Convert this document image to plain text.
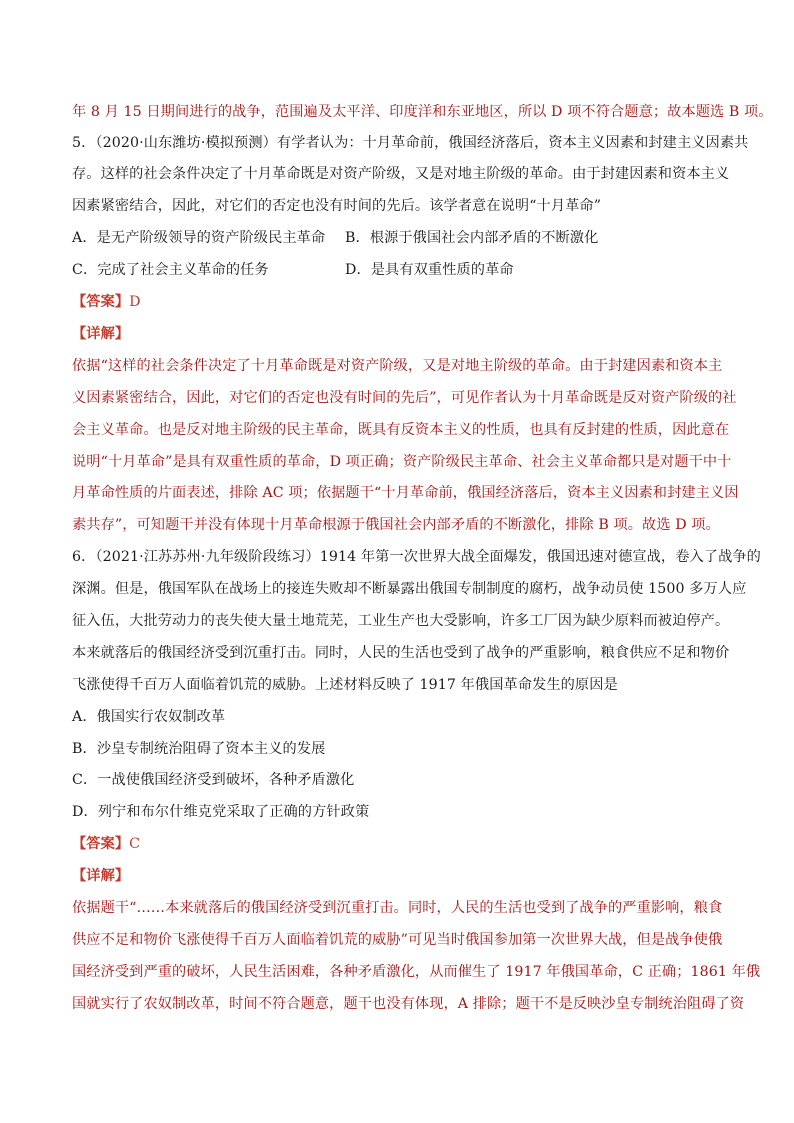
年 8 月 15 日期间进行的战争，范围遍及太平洋、印度洋和东亚地区，所以 D 项不符合题意；故本题选 B 项。
5．（2020·山东潍坊·模拟预测）有学者认为：十月革命前，俄国经济落后，资本主义因素和封建主义因素共
存。这样的社会条件决定了十月革命既是对资产阶级，又是对地主阶级的革命。由于封建因素和资本主义
因素紧密结合，因此，对它们的否定也没有时间的先后。该学者意在说明“十月革命”
A．是无产阶级领导的资产阶级民主革命 B．根源于俄国社会内部矛盾的不断激化
C．完成了社会主义革命的任务	D．是具有双重性质的革命
【答案】D
【详解】
依据“这样的社会条件决定了十月革命既是对资产阶级，又是对地主阶级的革命。由于封建因素和资本主
义因素紧密结合，因此，对它们的否定也没有时间的先后”，可见作者认为十月革命既是反对资产阶级的社
会主义革命。也是反对地主阶级的民主革命，既具有反资本主义的性质，也具有反封建的性质，因此意在
说明“十月革命”是具有双重性质的革命，D 项正确；资产阶级民主革命、社会主义革命都只是对题干中十
月革命性质的片面表述，排除 AC 项；依据题干“十月革命前，俄国经济落后，资本主义因素和封建主义因
素共存”，可知题干并没有体现十月革命根源于俄国社会内部矛盾的不断激化，排除 B 项。故选 D 项。
6．（2021·江苏苏州·九年级阶段练习）1914 年第一次世界大战全面爆发，俄国迅速对德宣战，卷入了战争的
深渊。但是，俄国军队在战场上的接连失败却不断暴露出俄国专制制度的腐朽，战争动员使 1500 多万人应
征入伍，大批劳动力的丧失使大量土地荒芜，工业生产也大受影响，许多工厂因为缺少原料而被迫停产。
本来就落后的俄国经济受到沉重打击。同时，人民的生活也受到了战争的严重影响，粮食供应不足和物价
飞涨使得千百万人面临着饥荒的威胁。上述材料反映了 1917 年俄国革命发生的原因是
A．俄国实行农奴制改革
B．沙皇专制统治阻碍了资本主义的发展
C．一战使俄国经济受到破坏，各种矛盾激化
D．列宁和布尔什维克党采取了正确的方针政策
【答案】C
【详解】
依据题干“……本来就落后的俄国经济受到沉重打击。同时，人民的生活也受到了战争的严重影响，粮食
供应不足和物价飞涨使得千百万人面临着饥荒的威胁”可见当时俄国参加第一次世界大战，但是战争使俄
国经济受到严重的破坏，人民生活困难，各种矛盾激化，从而催生了 1917 年俄国革命，C 正确；1861 年俄
国就实行了农奴制改革，时间不符合题意，题干也没有体现，A 排除；题干不是反映沙皇专制统治阻碍了资
